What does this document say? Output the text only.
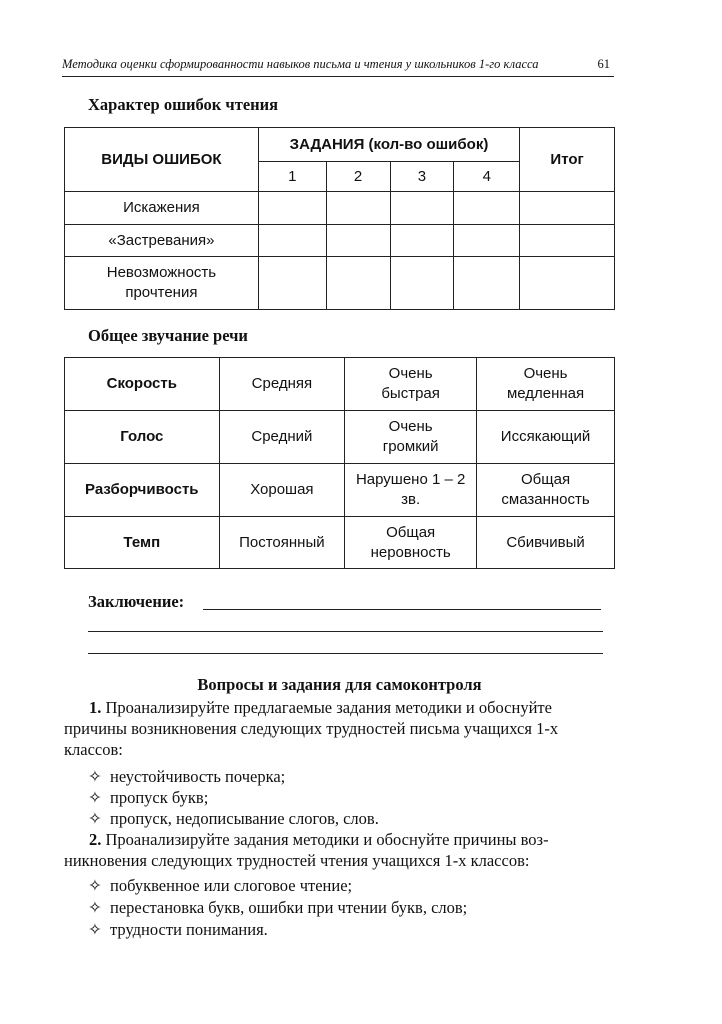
Методика оценки сформированности навыков письма и чтения у школьников 1-го класса	61
Характер ошибок чтения
ВИДЫ ОШИБОК	ЗАДАНИЯ (кол-во ошибок)				Итог
	1	2	3	4	
Искажения					
«Застревания»					
Невозможность прочтения					
Общее звучание речи
Скорость	Средняя	Очень быстрая	Очень медленная
Голос	Средний	Очень громкий	Иссякающий
Разборчивость	Хорошая	Нарушено 1 – 2 зв.	Общая смазанность
Темп	Постоянный	Общая неровность	Сбивчивый
Заключение:
Вопросы и задания для самоконтроля
1. Проанализируйте предлагаемые задания методики и обоснуйте причины возникновения следующих трудностей письма учащихся 1-х классов:
✧ неустойчивость почерка;
✧ пропуск букв;
✧ пропуск, недописывание слогов, слов.
2. Проанализируйте задания методики и обоснуйте причины возникновения следующих трудностей чтения учащихся 1-х классов:
✧ побуквенное или слоговое чтение;
✧ перестановка букв, ошибки при чтении букв, слов;
✧ трудности понимания.
